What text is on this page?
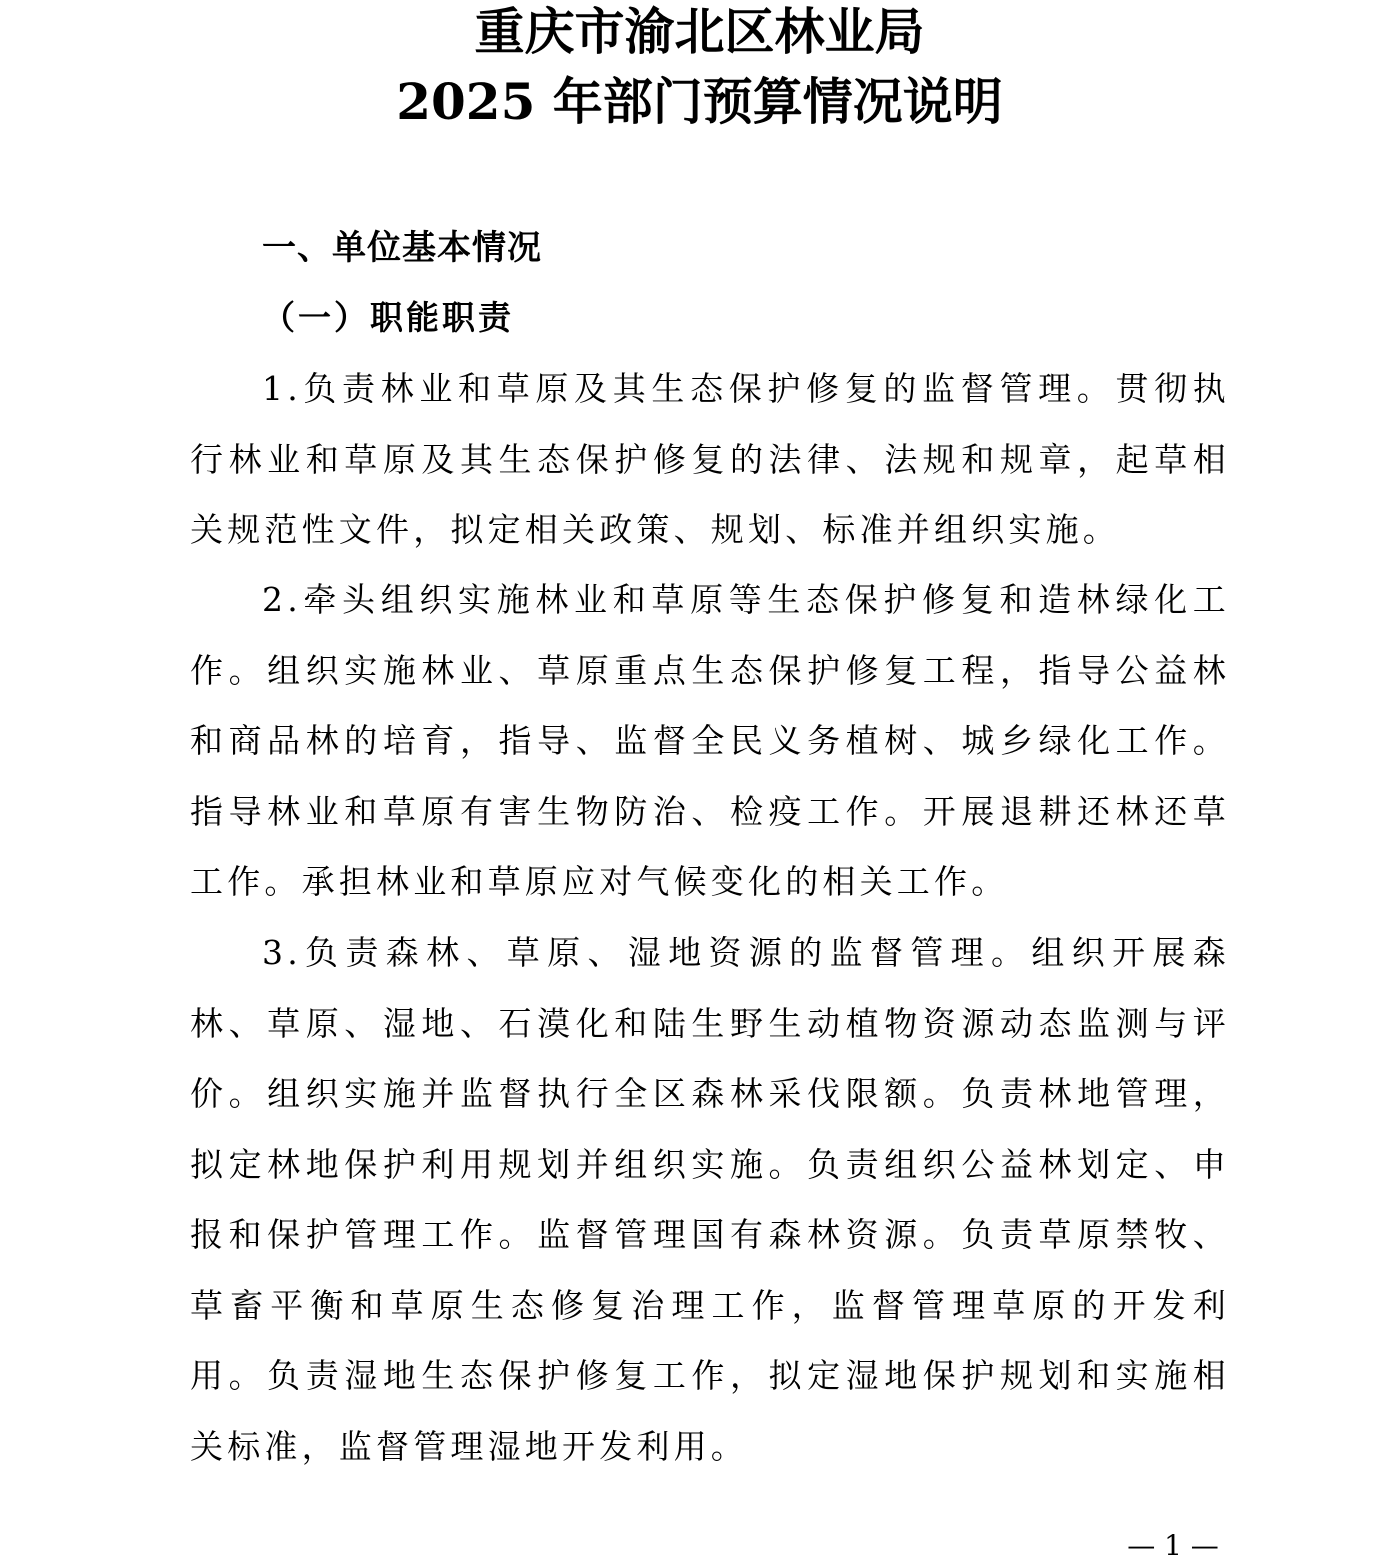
重庆市渝北区林业局
2025 年部门预算情况说明
一、单位基本情况
（一）职能职责

1.负责林业和草原及其生态保护修复的监督管理。贯彻执行林业和草原及其生态保护修复的法律、法规和规章，起草相关规范性文件，拟定相关政策、规划、标准并组织实施。

2.牵头组织实施林业和草原等生态保护修复和造林绿化工作。组织实施林业、草原重点生态保护修复工程，指导公益林和商品林的培育，指导、监督全民义务植树、城乡绿化工作。指导林业和草原有害生物防治、检疫工作。开展退耕还林还草工作。承担林业和草原应对气候变化的相关工作。

3.负责森林、草原、湿地资源的监督管理。组织开展森林、草原、湿地、石漠化和陆生野生动植物资源动态监测与评价。组织实施并监督执行全区森林采伐限额。负责林地管理，拟定林地保护利用规划并组织实施。负责组织公益林划定、申报和保护管理工作。监督管理国有森林资源。负责草原禁牧、草畜平衡和草原生态修复治理工作，监督管理草原的开发利用。负责湿地生态保护修复工作，拟定湿地保护规划和实施相关标准，监督管理湿地开发利用。

— 1 —
